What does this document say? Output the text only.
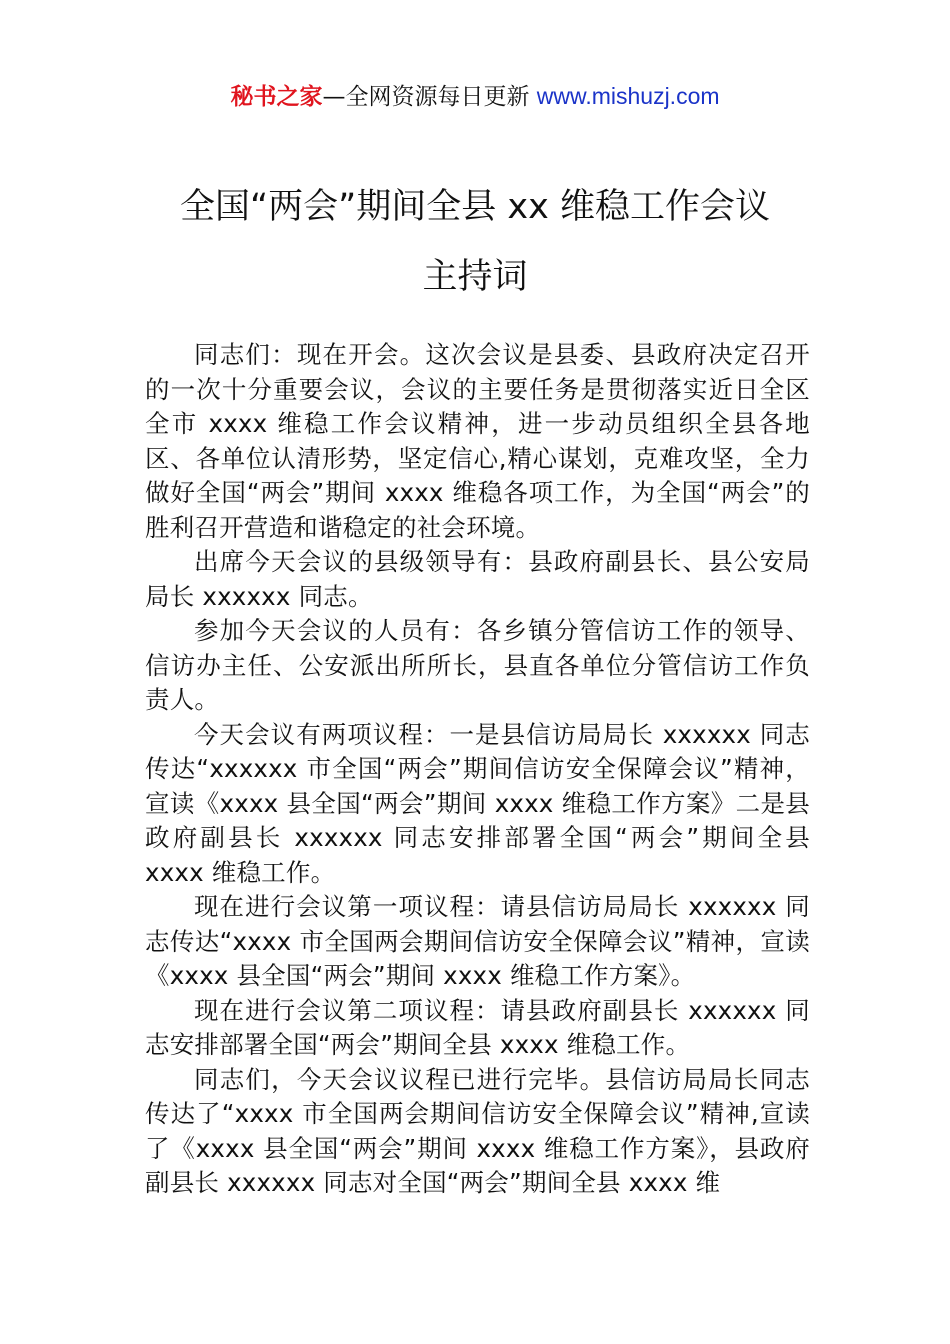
秘书之家—全网资源每日更新 www.mishuzj.com
全国“两会”期间全县 xx 维稳工作会议
主持词

同志们：现在开会。这次会议是县委、县政府决定召开的一次十分重要会议，会议的主要任务是贯彻落实近日全区全市 xxxx 维稳工作会议精神，进一步动员组织全县各地区、各单位认清形势，坚定信心,精心谋划，克难攻坚，全力做好全国“两会”期间 xxxx 维稳各项工作，为全国“两会”的胜利召开营造和谐稳定的社会环境。

出席今天会议的县级领导有：县政府副县长、县公安局局长 xxxxxx 同志。

参加今天会议的人员有：各乡镇分管信访工作的领导、信访办主任、公安派出所所长，县直各单位分管信访工作负责人。

今天会议有两项议程：一是县信访局局长 xxxxxx 同志传达“xxxxxx 市全国“两会”期间信访安全保障会议”精神，宣读《xxxx 县全国“两会”期间 xxxx 维稳工作方案》二是县政府副县长 xxxxxx 同志安排部署全国“两会”期间全县 xxxx 维稳工作。

现在进行会议第一项议程：请县信访局局长 xxxxxx 同志传达“xxxx 市全国两会期间信访安全保障会议”精神，宣读《xxxx 县全国“两会”期间 xxxx 维稳工作方案》。

现在进行会议第二项议程：请县政府副县长 xxxxxx 同志安排部署全国“两会”期间全县 xxxx 维稳工作。

同志们，今天会议议程已进行完毕。县信访局局长同志传达了“xxxx 市全国两会期间信访安全保障会议”精神,宣读了《xxxx 县全国“两会”期间 xxxx 维稳工作方案》，县政府副县长 xxxxxx 同志对全国“两会”期间全县 xxxx 维
